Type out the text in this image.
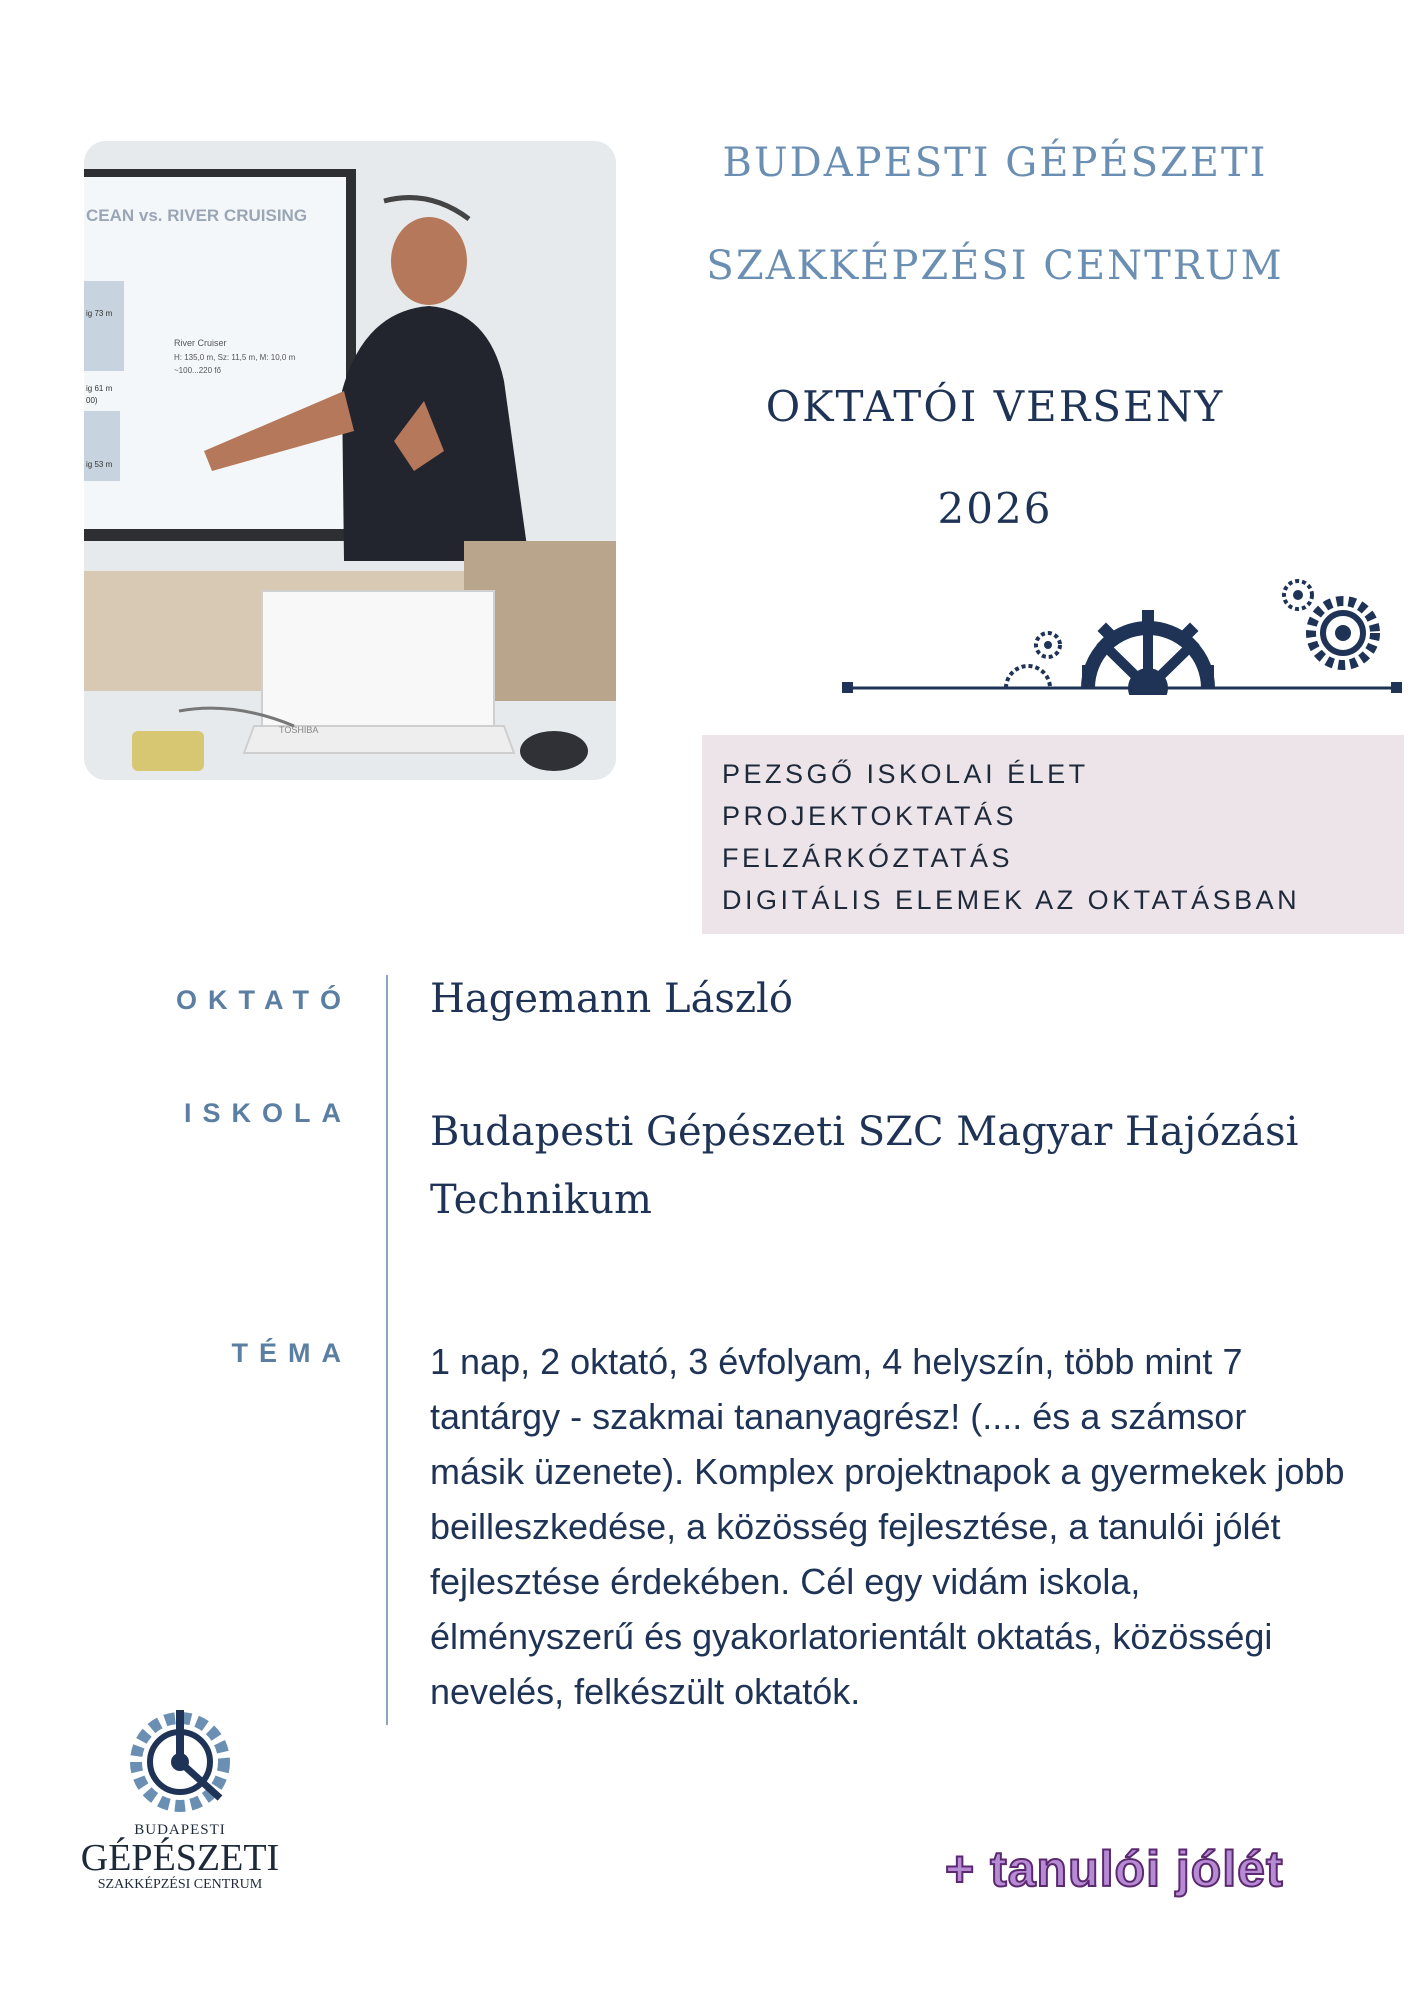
CEAN vs. RIVER CRUISING
ig 73 m
ig 61 m
00)
ig 53 m
River Cruiser
H: 135,0 m, Sz: 11,5 m, M: 10,0 m
~100...220 fő
TOSHIBA
BUDAPESTI GÉPÉSZETI
SZAKKÉPZÉSI CENTRUM
OKTATÓI VERSENY
2026
PEZSGŐ ISKOLAI ÉLET
PROJEKTOKTATÁS
FELZÁRKÓZTATÁS
DIGITÁLIS ELEMEK AZ OKTATÁSBAN
OKTATÓ Hagemann László
ISKOLA Budapesti Gépészeti SZC Magyar Hajózási Technikum
TÉMA 1 nap, 2 oktató, 3 évfolyam, 4 helyszín, több mint 7 tantárgy - szakmai tananyagrész! (.... és a számsor másik üzenete). Komplex projektnapok a gyermekek jobb beilleszkedése, a közösség fejlesztése, a tanulói jólét fejlesztése érdekében. Cél egy vidám iskola, élményszerű és gyakorlatorientált oktatás, közösségi nevelés, felkészült oktatók.
BUDAPESTI
GÉPÉSZETI
SZAKKÉPZÉSI CENTRUM	+ tanulói jólét
